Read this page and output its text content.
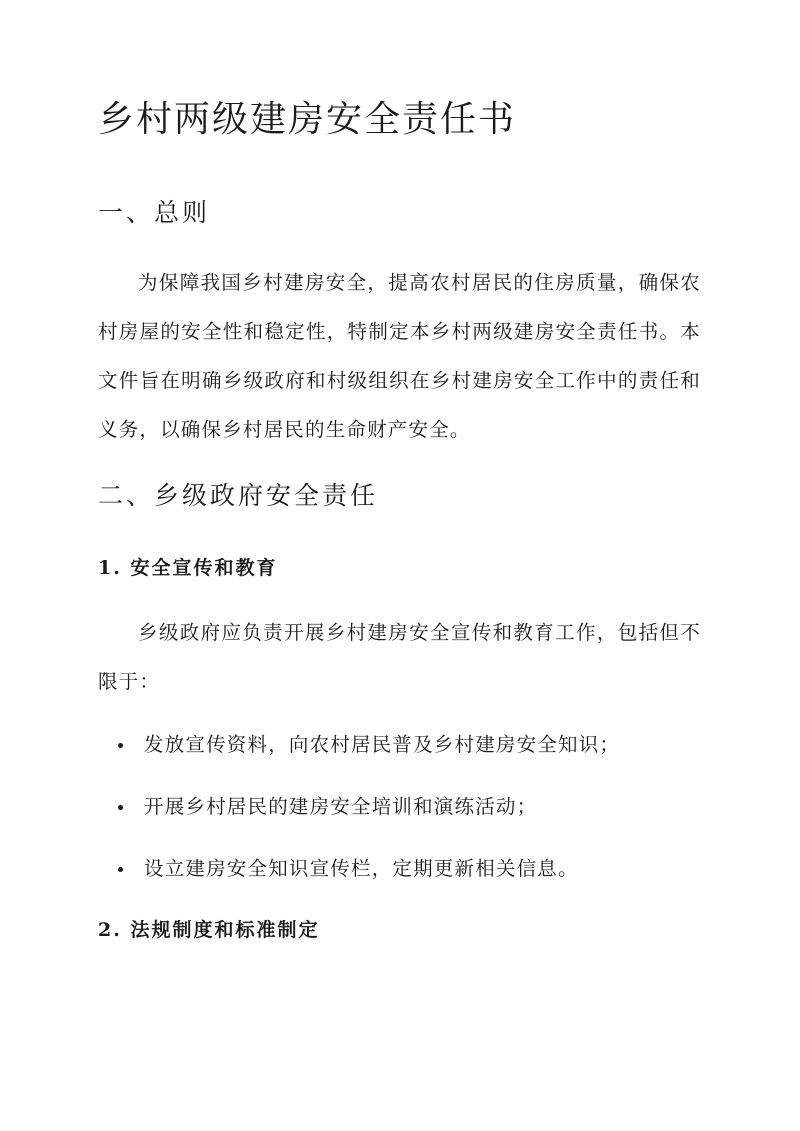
乡村两级建房安全责任书
一、总则

为保障我国乡村建房安全，提高农村居民的住房质量，确保农村房屋的安全性和稳定性，特制定本乡村两级建房安全责任书。本文件旨在明确乡级政府和村级组织在乡村建房安全工作中的责任和义务，以确保乡村居民的生命财产安全。

二、乡级政府安全责任
1. 安全宣传和教育

乡级政府应负责开展乡村建房安全宣传和教育工作，包括但不限于：

发放宣传资料，向农村居民普及乡村建房安全知识；
开展乡村居民的建房安全培训和演练活动；
设立建房安全知识宣传栏，定期更新相关信息。
2. 法规制度和标准制定
